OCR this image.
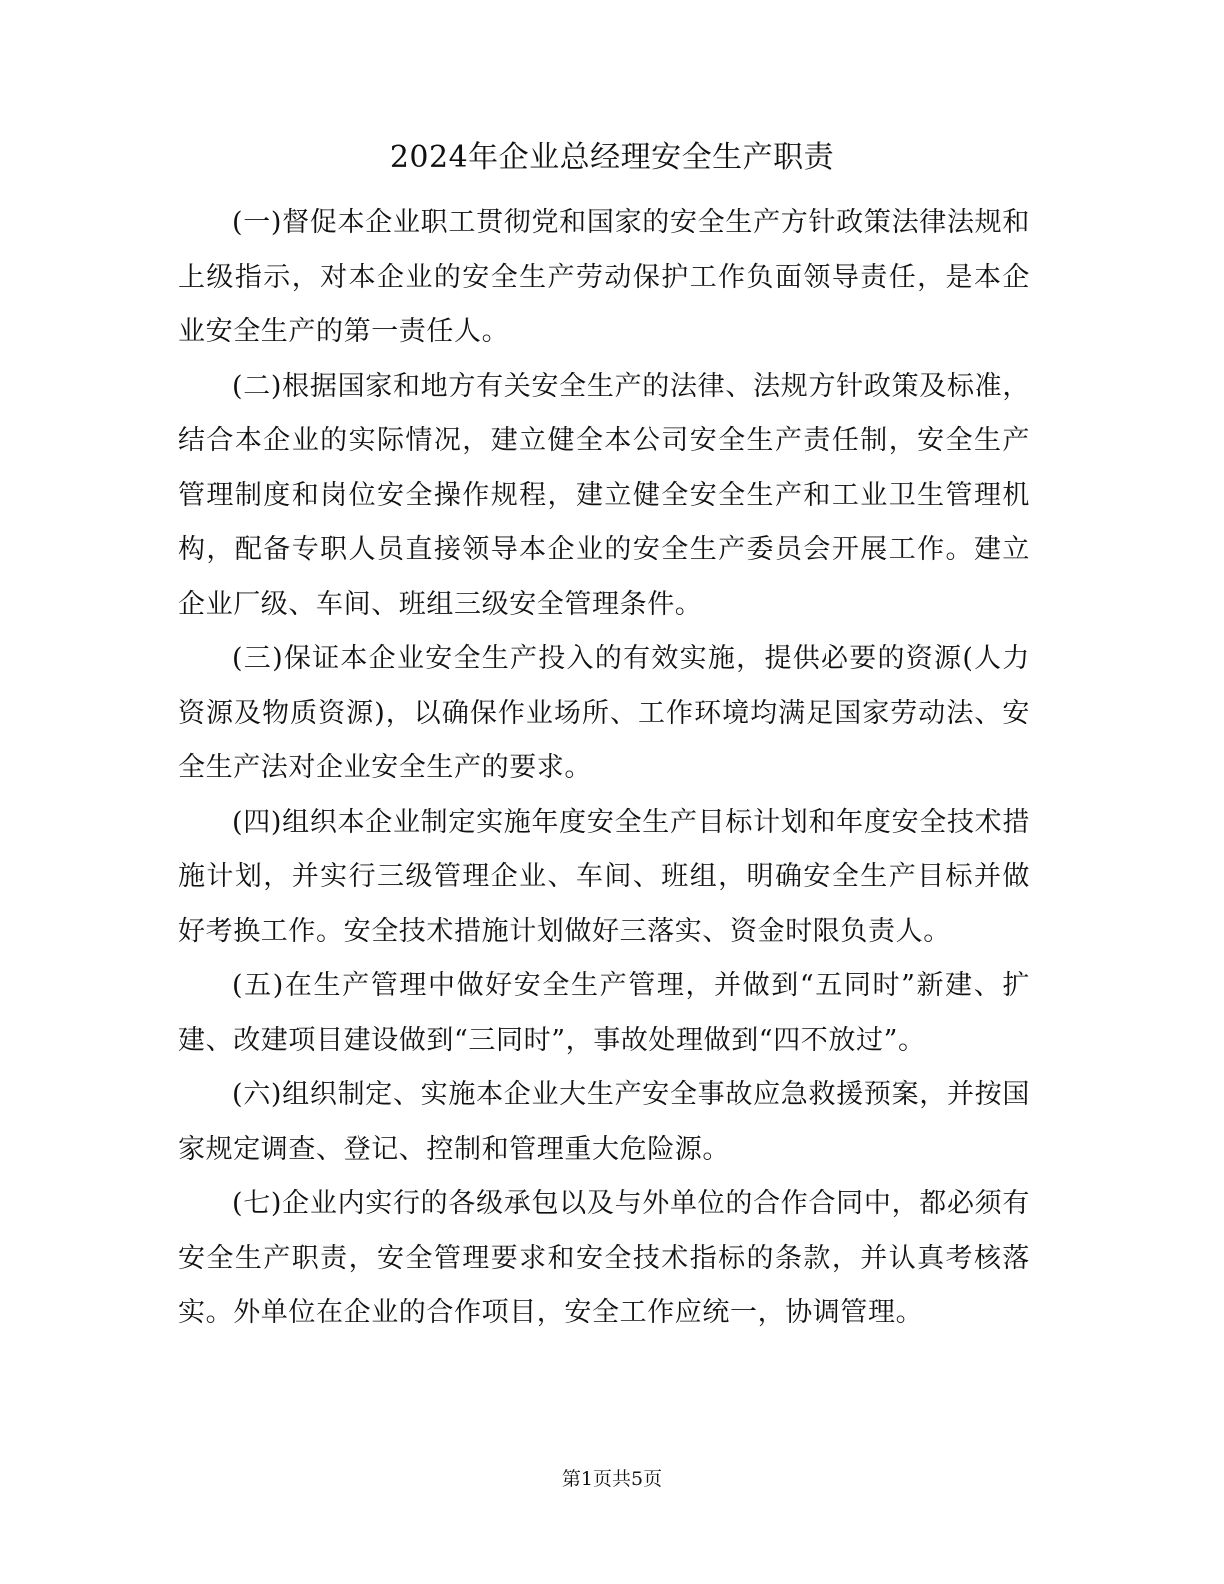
2024年企业总经理安全生产职责

(一)督促本企业职工贯彻党和国家的安全生产方针政策法律法规和上级指示，对本企业的安全生产劳动保护工作负面领导责任，是本企业安全生产的第一责任人。

(二)根据国家和地方有关安全生产的法律、法规方针政策及标准，结合本企业的实际情况，建立健全本公司安全生产责任制，安全生产管理制度和岗位安全操作规程，建立健全安全生产和工业卫生管理机构，配备专职人员直接领导本企业的安全生产委员会开展工作。建立企业厂级、车间、班组三级安全管理条件。

(三)保证本企业安全生产投入的有效实施，提供必要的资源(人力资源及物质资源)，以确保作业场所、工作环境均满足国家劳动法、安全生产法对企业安全生产的要求。

(四)组织本企业制定实施年度安全生产目标计划和年度安全技术措施计划，并实行三级管理企业、车间、班组，明确安全生产目标并做好考换工作。安全技术措施计划做好三落实、资金时限负责人。

(五)在生产管理中做好安全生产管理，并做到“五同时”新建、扩建、改建项目建设做到“三同时”，事故处理做到“四不放过”。

(六)组织制定、实施本企业大生产安全事故应急救援预案，并按国家规定调查、登记、控制和管理重大危险源。

(七)企业内实行的各级承包以及与外单位的合作合同中，都必须有安全生产职责，安全管理要求和安全技术指标的条款，并认真考核落实。外单位在企业的合作项目，安全工作应统一，协调管理。

第1页共5页
